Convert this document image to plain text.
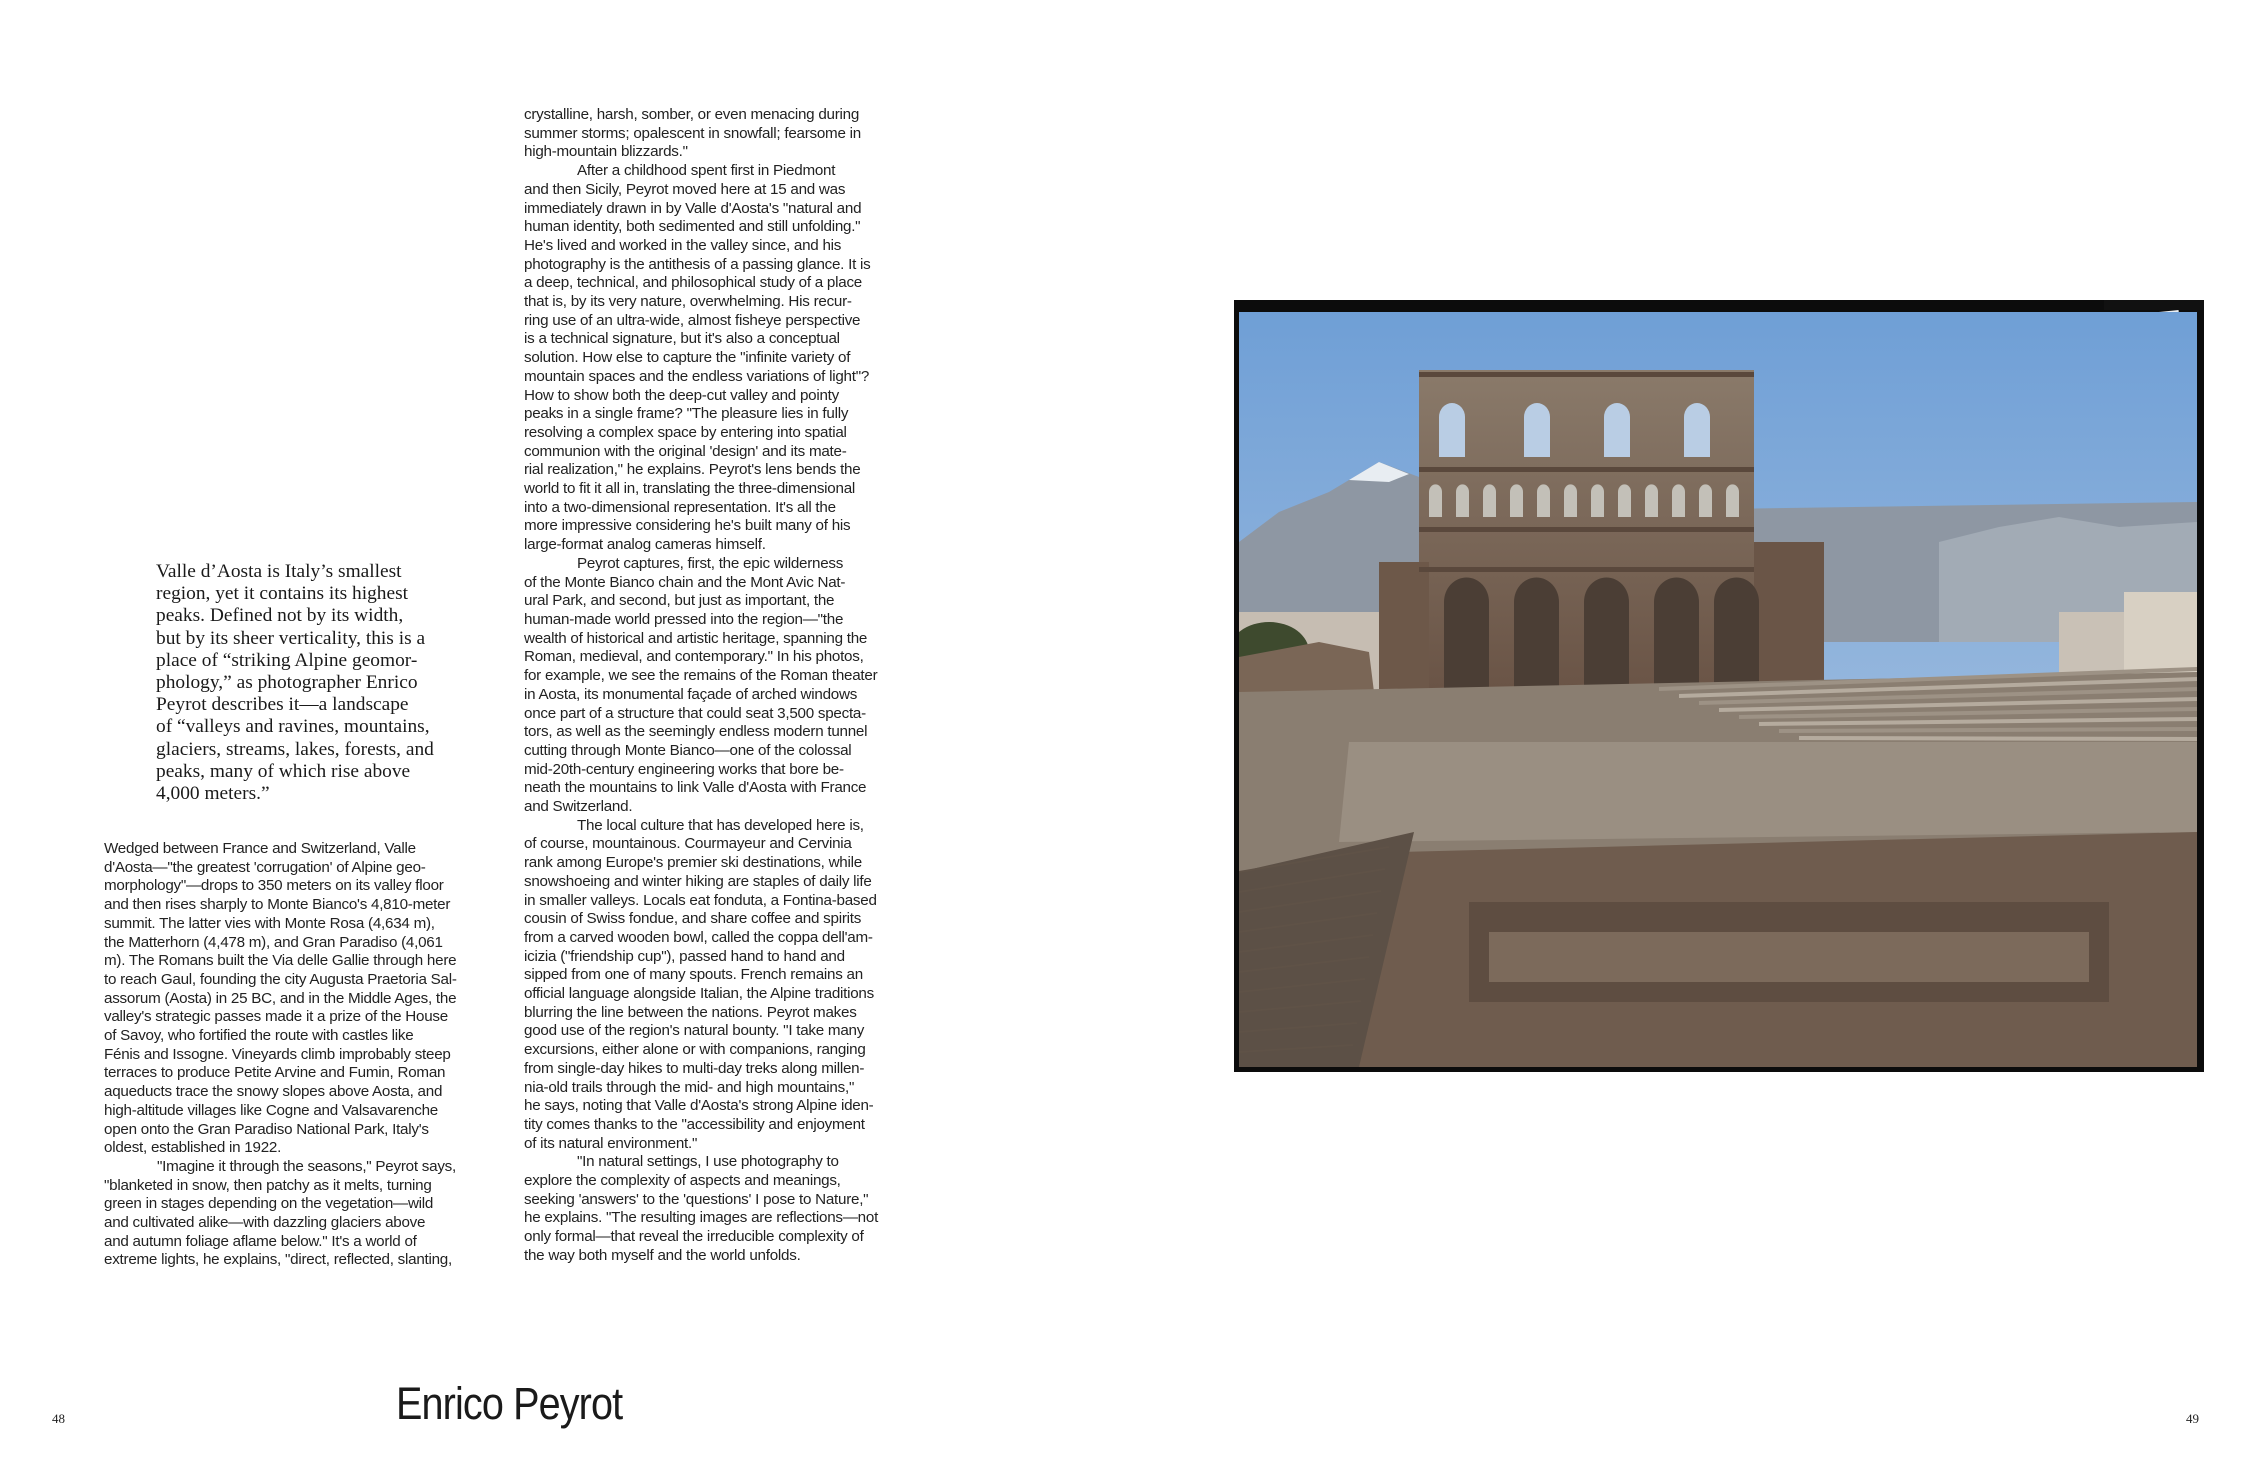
Valle d’Aosta is Italy’s smallest

region, yet it contains its highest

peaks. Defined not by its width,

but by its sheer verticality, this is a

place of “striking Alpine geomor-

phology,” as photographer Enrico

Peyrot describes it—a landscape

of “valleys and ravines, mountains,

glaciers, streams, lakes, forests, and

peaks, many of which rise above

4,000 meters.”

Wedged between France and Switzerland, Valle

d'Aosta—"the greatest 'corrugation' of Alpine geo-

morphology"—drops to 350 meters on its valley floor

and then rises sharply to Monte Bianco's 4,810-meter

summit. The latter vies with Monte Rosa (4,634 m),

the Matterhorn (4,478 m), and Gran Paradiso (4,061

m). The Romans built the Via delle Gallie through here

to reach Gaul, founding the city Augusta Praetoria Sal-

assorum (Aosta) in 25 BC, and in the Middle Ages, the

valley's strategic passes made it a prize of the House

of Savoy, who fortified the route with castles like

Fénis and Issogne. Vineyards climb improbably steep

terraces to produce Petite Arvine and Fumin, Roman

aqueducts trace the snowy slopes above Aosta, and

high-altitude villages like Cogne and Valsavarenche

open onto the Gran Paradiso National Park, Italy's

oldest, established in 1922.

"Imagine it through the seasons," Peyrot says,

"blanketed in snow, then patchy as it melts, turning

green in stages depending on the vegetation—wild

and cultivated alike—with dazzling glaciers above

and autumn foliage aflame below." It's a world of

extreme lights, he explains, "direct, reflected, slanting,

crystalline, harsh, somber, or even menacing during

summer storms; opalescent in snowfall; fearsome in

high-mountain blizzards."

After a childhood spent first in Piedmont

and then Sicily, Peyrot moved here at 15 and was

immediately drawn in by Valle d'Aosta's "natural and

human identity, both sedimented and still unfolding."

He's lived and worked in the valley since, and his

photography is the antithesis of a passing glance. It is

a deep, technical, and philosophical study of a place

that is, by its very nature, overwhelming. His recur-

ring use of an ultra-wide, almost fisheye perspective

is a technical signature, but it's also a conceptual

solution. How else to capture the "infinite variety of

mountain spaces and the endless variations of light"?

How to show both the deep-cut valley and pointy

peaks in a single frame? "The pleasure lies in fully

resolving a complex space by entering into spatial

communion with the original 'design' and its mate-

rial realization," he explains. Peyrot's lens bends the

world to fit it all in, translating the three-dimensional

into a two-dimensional representation. It's all the

more impressive considering he's built many of his

large-format analog cameras himself.

Peyrot captures, first, the epic wilderness

of the Monte Bianco chain and the Mont Avic Nat-

ural Park, and second, but just as important, the

human-made world pressed into the region—"the

wealth of historical and artistic heritage, spanning the

Roman, medieval, and contemporary." In his photos,

for example, we see the remains of the Roman theater

in Aosta, its monumental façade of arched windows

once part of a structure that could seat 3,500 specta-

tors, as well as the seemingly endless modern tunnel

cutting through Monte Bianco—one of the colossal

mid-20th-century engineering works that bore be-

neath the mountains to link Valle d'Aosta with France

and Switzerland.

The local culture that has developed here is,

of course, mountainous. Courmayeur and Cervinia

rank among Europe's premier ski destinations, while

snowshoeing and winter hiking are staples of daily life

in smaller valleys. Locals eat fonduta, a Fontina-based

cousin of Swiss fondue, and share coffee and spirits

from a carved wooden bowl, called the coppa dell'am-

icizia ("friendship cup"), passed hand to hand and

sipped from one of many spouts. French remains an

official language alongside Italian, the Alpine traditions

blurring the line between the nations. Peyrot makes

good use of the region's natural bounty. "I take many

excursions, either alone or with companions, ranging

from single-day hikes to multi-day treks along millen-

nia-old trails through the mid- and high mountains,"

he says, noting that Valle d'Aosta's strong Alpine iden-

tity comes thanks to the "accessibility and enjoyment

of its natural environment."

"In natural settings, I use photography to

explore the complexity of aspects and meanings,

seeking 'answers' to the 'questions' I pose to Nature,"

he explains. "The resulting images are reflections—not

only formal—that reveal the irreducible complexity of

the way both myself and the world unfolds.

48	49
Enrico Peyrot
